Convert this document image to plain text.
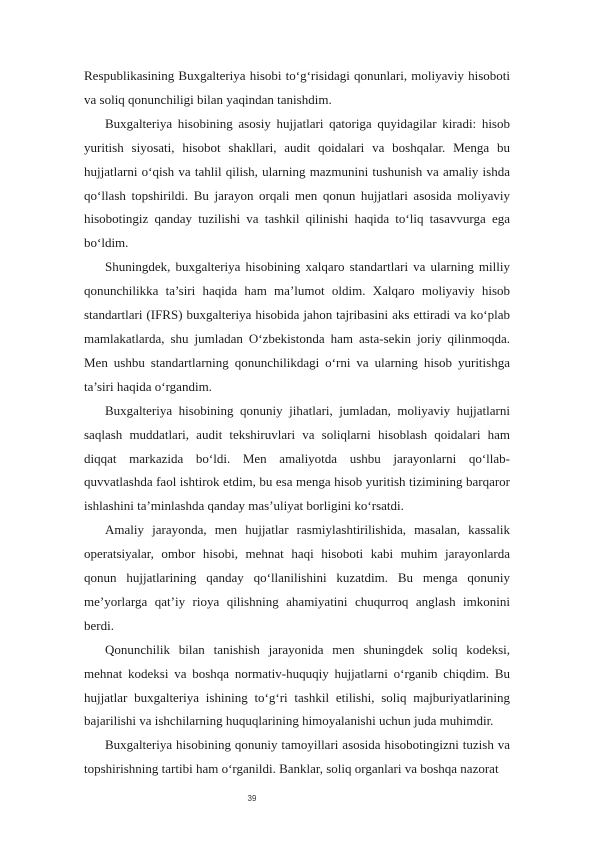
Respublikasining Buxgalteriya hisobi to‘g‘risidagi qonunlari, moliyaviy hisoboti va soliq qonunchiligi bilan yaqindan tanishdim.

Buxgalteriya hisobining asosiy hujjatlari qatoriga quyidagilar kiradi: hisob yuritish siyosati, hisobot shakllari, audit qoidalari va boshqalar. Menga bu hujjatlarni o‘qish va tahlil qilish, ularning mazmunini tushunish va amaliy ishda qo‘llash topshirildi. Bu jarayon orqali men qonun hujjatlari asosida moliyaviy hisobotingiz qanday tuzilishi va tashkil qilinishi haqida to‘liq tasavvurga ega bo‘ldim.

Shuningdek, buxgalteriya hisobining xalqaro standartlari va ularning milliy qonunchilikka ta’siri haqida ham ma’lumot oldim. Xalqaro moliyaviy hisob standartlari (IFRS) buxgalteriya hisobida jahon tajribasini aks ettiradi va ko‘plab mamlakatlarda, shu jumladan O‘zbekistonda ham asta-sekin joriy qilinmoqda. Men ushbu standartlarning qonunchilikdagi o‘rni va ularning hisob yuritishga ta’siri haqida o‘rgandim.

Buxgalteriya hisobining qonuniy jihatlari, jumladan, moliyaviy hujjatlarni saqlash muddatlari, audit tekshiruvlari va soliqlarni hisoblash qoidalari ham diqqat markazida bo‘ldi. Men amaliyotda ushbu jarayonlarni qo‘llab-quvvatlashda faol ishtirok etdim, bu esa menga hisob yuritish tizimining barqaror ishlashini ta’minlashda qanday mas’uliyat borligini ko‘rsatdi.

Amaliy jarayonda, men hujjatlar rasmiylashtirilishida, masalan, kassalik operatsiyalar, ombor hisobi, mehnat haqi hisoboti kabi muhim jarayonlarda qonun hujjatlarining qanday qo‘llanilishini kuzatdim. Bu menga qonuniy me’yorlarga qat’iy rioya qilishning ahamiyatini chuqurroq anglash imkonini berdi.

Qonunchilik bilan tanishish jarayonida men shuningdek soliq kodeksi, mehnat kodeksi va boshqa normativ-huquqiy hujjatlarni o‘rganib chiqdim. Bu hujjatlar buxgalteriya ishining to‘g‘ri tashkil etilishi, soliq majburiyatlarining bajarilishi va ishchilarning huquqlarining himoyalanishi uchun juda muhimdir.

Buxgalteriya hisobining qonuniy tamoyillari asosida hisobotingizni tuzish va topshirishning tartibi ham o‘rganildi. Banklar, soliq organlari va boshqa nazorat

39
